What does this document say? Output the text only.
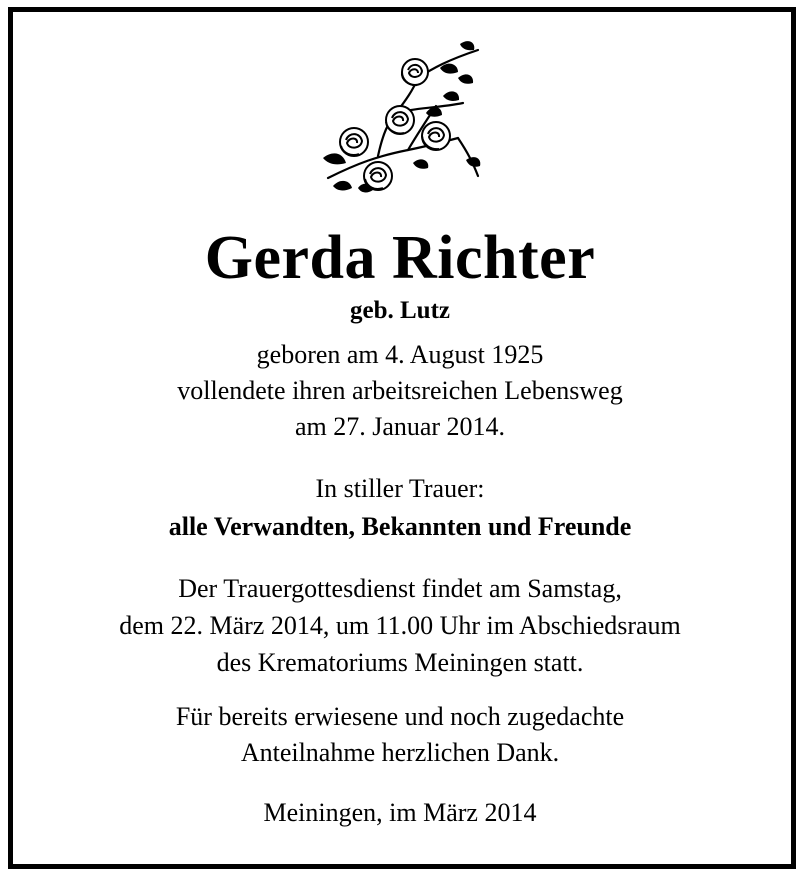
Gerda Richter
geb. Lutz
geboren am 4. August 1925
vollendete ihren arbeitsreichen Lebensweg
am 27. Januar 2014.
In stiller Trauer:
alle Verwandten, Bekannten und Freunde
Der Trauergottesdienst findet am Samstag,
dem 22. März 2014, um 11.00 Uhr im Abschiedsraum
des Krematoriums Meiningen statt.
Für bereits erwiesene und noch zugedachte
Anteilnahme herzlichen Dank.
Meiningen, im März 2014
